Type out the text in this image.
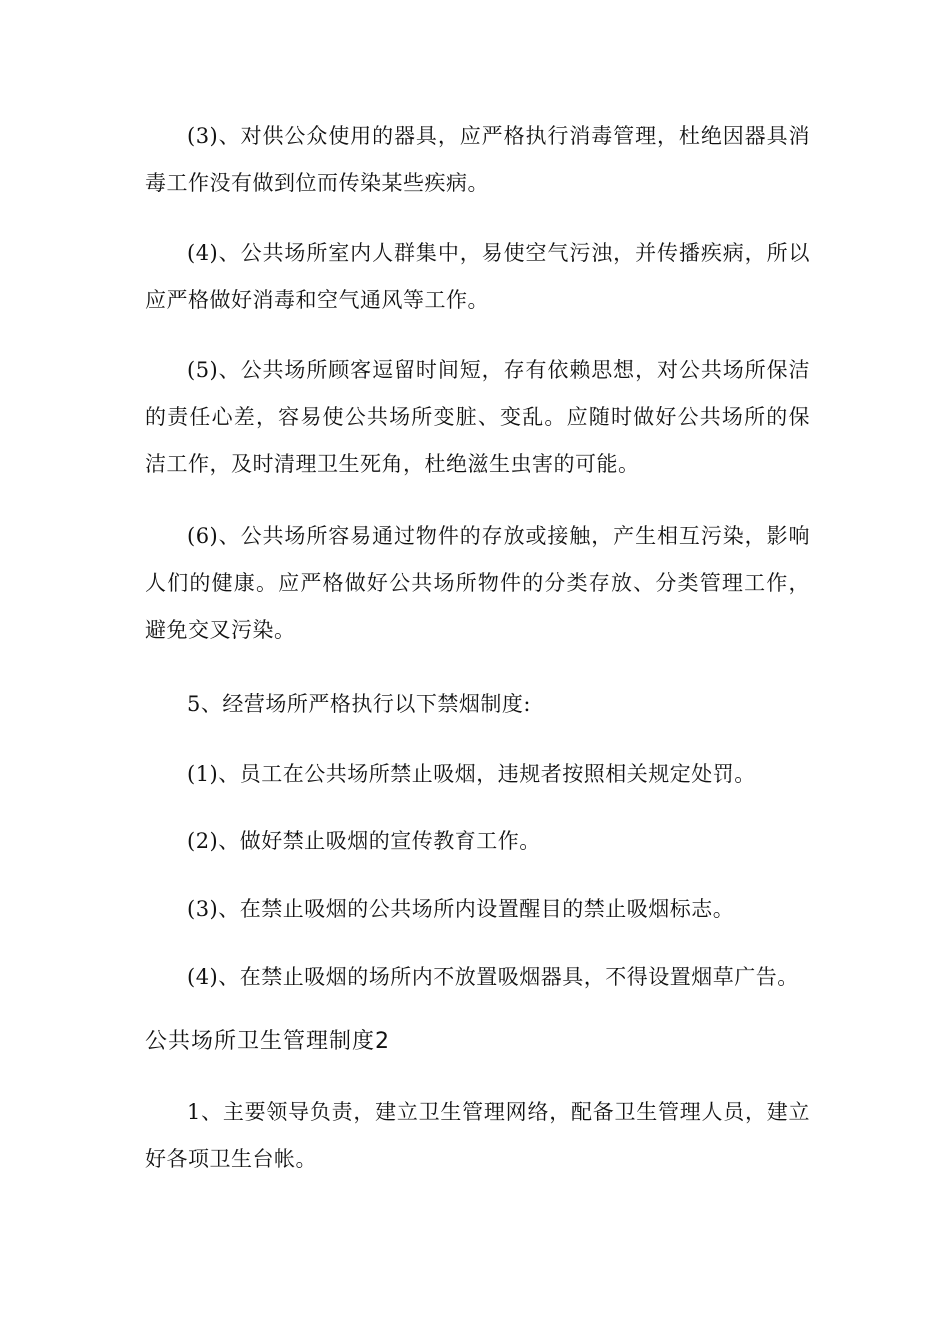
(3)、对供公众使用的器具，应严格执行消毒管理，杜绝因器具消毒工作没有做到位而传染某些疾病。

(4)、公共场所室内人群集中，易使空气污浊，并传播疾病，所以应严格做好消毒和空气通风等工作。

(5)、公共场所顾客逗留时间短，存有依赖思想，对公共场所保洁的责任心差，容易使公共场所变脏、变乱。应随时做好公共场所的保洁工作，及时清理卫生死角，杜绝滋生虫害的可能。

(6)、公共场所容易通过物件的存放或接触，产生相互污染，影响人们的健康。应严格做好公共场所物件的分类存放、分类管理工作，避免交叉污染。

5、经营场所严格执行以下禁烟制度:

(1)、员工在公共场所禁止吸烟，违规者按照相关规定处罚。

(2)、做好禁止吸烟的宣传教育工作。

(3)、在禁止吸烟的公共场所内设置醒目的禁止吸烟标志。

(4)、在禁止吸烟的场所内不放置吸烟器具，不得设置烟草广告。

公共场所卫生管理制度2

1、主要领导负责，建立卫生管理网络，配备卫生管理人员，建立好各项卫生台帐。
